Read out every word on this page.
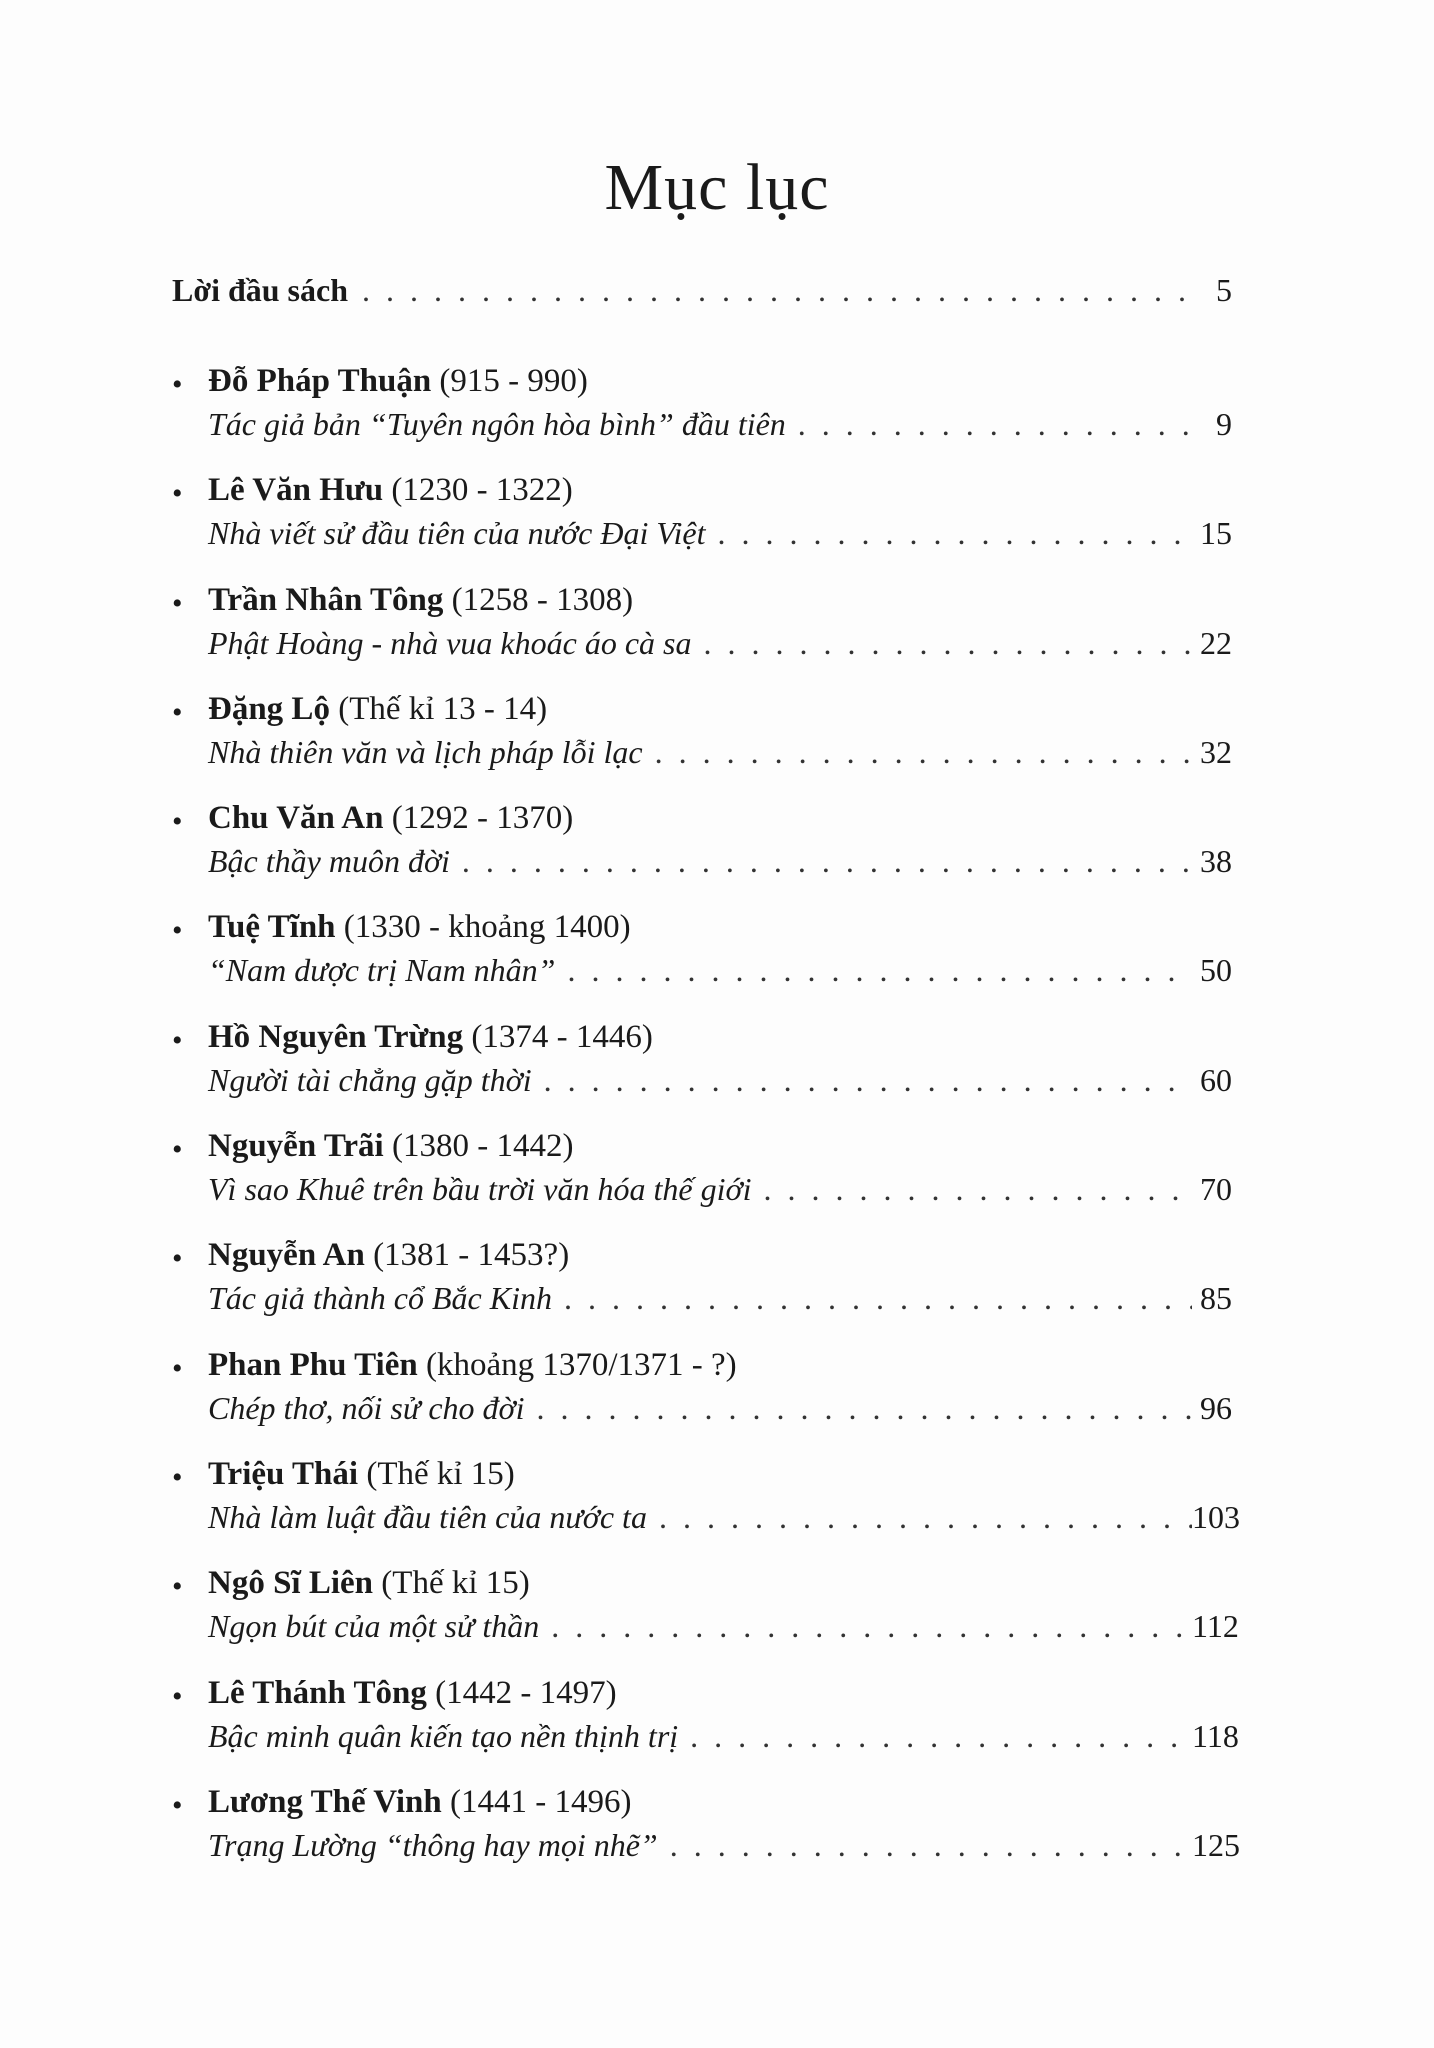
Mục lục
Lời đầu sách . . .	5
• Đỗ Pháp Thuận (915 - 990)
Tác giả bản “Tuyên ngôn hòa bình” đầu tiên . . .	9
• Lê Văn Hưu (1230 - 1322)
Nhà viết sử đầu tiên của nước Đại Việt . . .	15
• Trần Nhân Tông (1258 - 1308)
Phật Hoàng - nhà vua khoác áo cà sa . . .	22
• Đặng Lộ (Thế kỉ 13 - 14)
Nhà thiên văn và lịch pháp lỗi lạc . . .	32
• Chu Văn An (1292 - 1370)
Bậc thầy muôn đời . . .	38
• Tuệ Tĩnh (1330 - khoảng 1400)
“Nam dược trị Nam nhân” . . .	50
• Hồ Nguyên Trừng (1374 - 1446)
Người tài chẳng gặp thời . . .	60
• Nguyễn Trãi (1380 - 1442)
Vì sao Khuê trên bầu trời văn hóa thế giới . . .	70
• Nguyễn An (1381 - 1453?)
Tác giả thành cổ Bắc Kinh . . .	85
• Phan Phu Tiên (khoảng 1370/1371 - ?)
Chép thơ, nối sử cho đời . . .	96
• Triệu Thái (Thế kỉ 15)
Nhà làm luật đầu tiên của nước ta . . .	103
• Ngô Sĩ Liên (Thế kỉ 15)
Ngọn bút của một sử thần . . .	112
• Lê Thánh Tông (1442 - 1497)
Bậc minh quân kiến tạo nền thịnh trị . . .	118
• Lương Thế Vinh (1441 - 1496)
Trạng Lường “thông hay mọi nhẽ” . . .	125
